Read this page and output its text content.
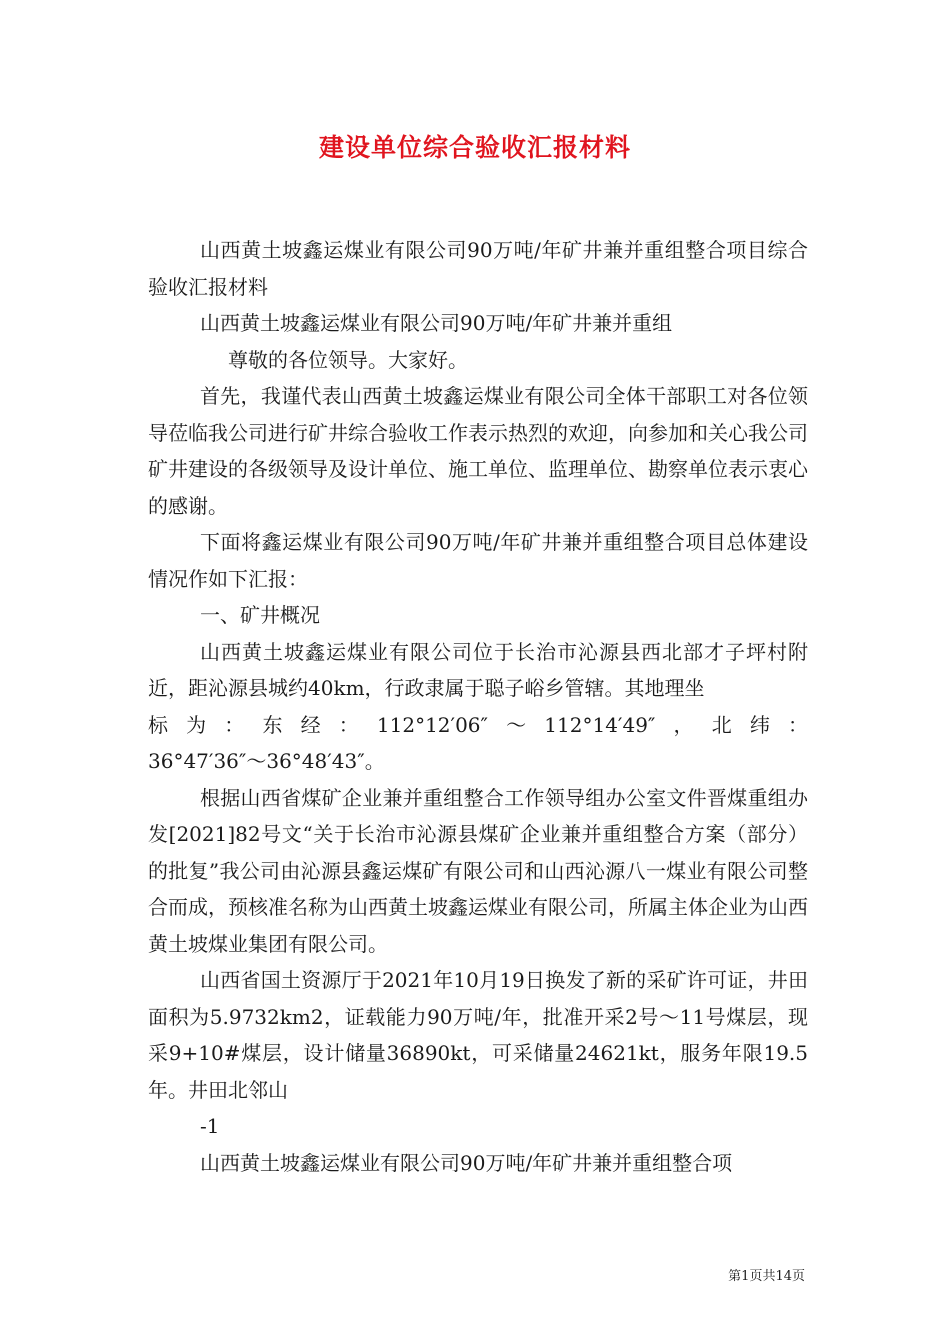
建设单位综合验收汇报材料

山西黄土坡鑫运煤业有限公司90万吨/年矿井兼并重组整合项目综合验收汇报材料

山西黄土坡鑫运煤业有限公司90万吨/年矿井兼并重组

尊敬的各位领导。大家好。

首先，我谨代表山西黄土坡鑫运煤业有限公司全体干部职工对各位领导莅临我公司进行矿井综合验收工作表示热烈的欢迎，向参加和关心我公司矿井建设的各级领导及设计单位、施工单位、监理单位、勘察单位表示衷心的感谢。

下面将鑫运煤业有限公司90万吨/年矿井兼并重组整合项目总体建设情况作如下汇报：

一、矿井概况

山西黄土坡鑫运煤业有限公司位于长治市沁源县西北部才子坪村附近，距沁源县城约40km，行政隶属于聪子峪乡管辖。其地理坐

标为：东经：112°12′06″～112°14′49″，北纬：

36°47′36″～36°48′43″。

根据山西省煤矿企业兼并重组整合工作领导组办公室文件晋煤重组办发[2021]82号文“关于长治市沁源县煤矿企业兼并重组整合方案（部分）的批复”我公司由沁源县鑫运煤矿有限公司和山西沁源八一煤业有限公司整合而成，预核准名称为山西黄土坡鑫运煤业有限公司，所属主体企业为山西黄土坡煤业集团有限公司。

山西省国土资源厅于2021年10月19日换发了新的采矿许可证，井田面积为5.9732km2，证载能力90万吨/年，批准开采2号～11号煤层，现采9+10#煤层，设计储量36890kt，可采储量24621kt，服务年限19.5年。井田北邻山

-1

山西黄土坡鑫运煤业有限公司90万吨/年矿井兼并重组整合项

第1页共14页
